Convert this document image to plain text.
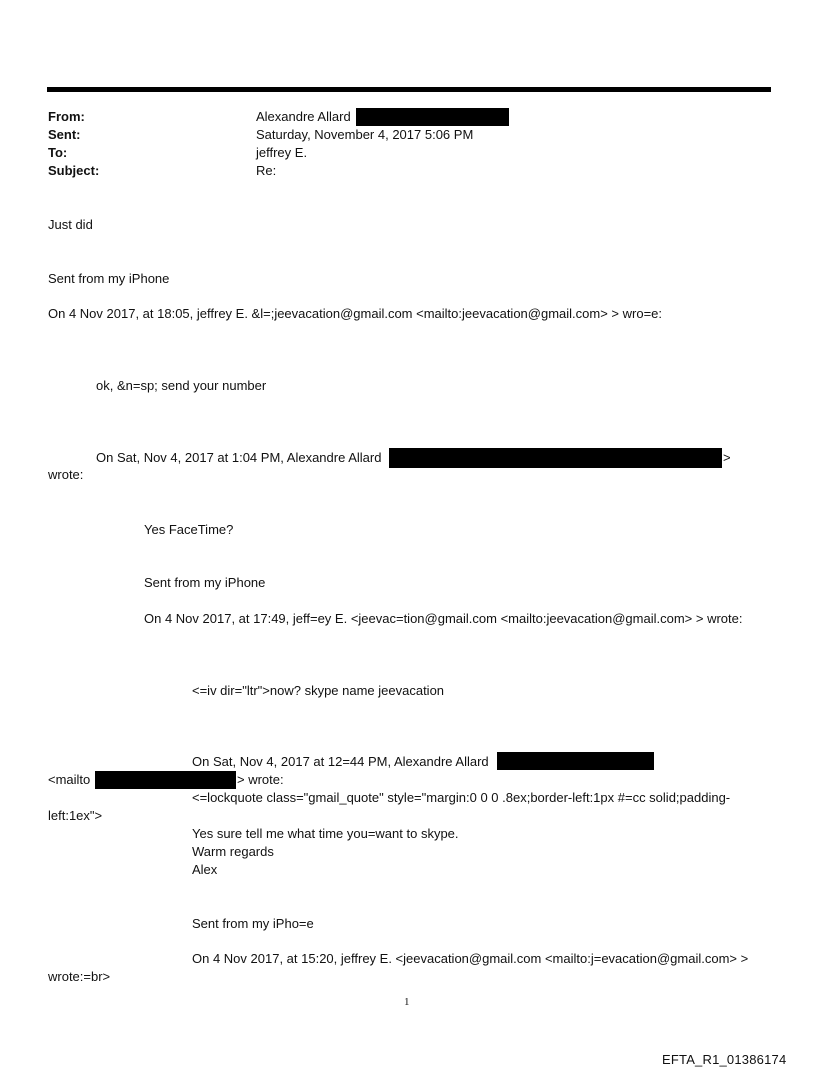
From:	Alexandre Allard
Sent:	Saturday, November 4, 2017 5:06 PM
To:	jeffrey E.
Subject:	Re:
Just did
Sent from my iPhone
On 4 Nov 2017, at 18:05, jeffrey E. &l=;jeevacation@gmail.com <mailto:jeevacation@gmail.com> > wro=e:
ok, &n=sp; send your number
On Sat, Nov 4, 2017 at 1:04 PM, Alexandre Allard	>
wrote:
Yes FaceTime?
Sent from my iPhone
On 4 Nov 2017, at 17:49, jeff=ey E. <jeevac=tion@gmail.com <mailto:jeevacation@gmail.com> > wrote:
<=iv dir="ltr">now? skype name jeevacation
On Sat, Nov 4, 2017 at 12=44 PM, Alexandre Allard
<mailto	> wrote:
<=lockquote class="gmail_quote" style="margin:0 0 0 .8ex;border-left:1px #=cc solid;padding-
left:1ex">
Yes sure tell me what time you=want to skype.
Warm regards
Alex
Sent from my iPho=e
On 4 Nov 2017, at 15:20, jeffrey E. <jeevacation@gmail.com <mailto:j=evacation@gmail.com> >
wrote:=br>
1
EFTA_R1_01386174
